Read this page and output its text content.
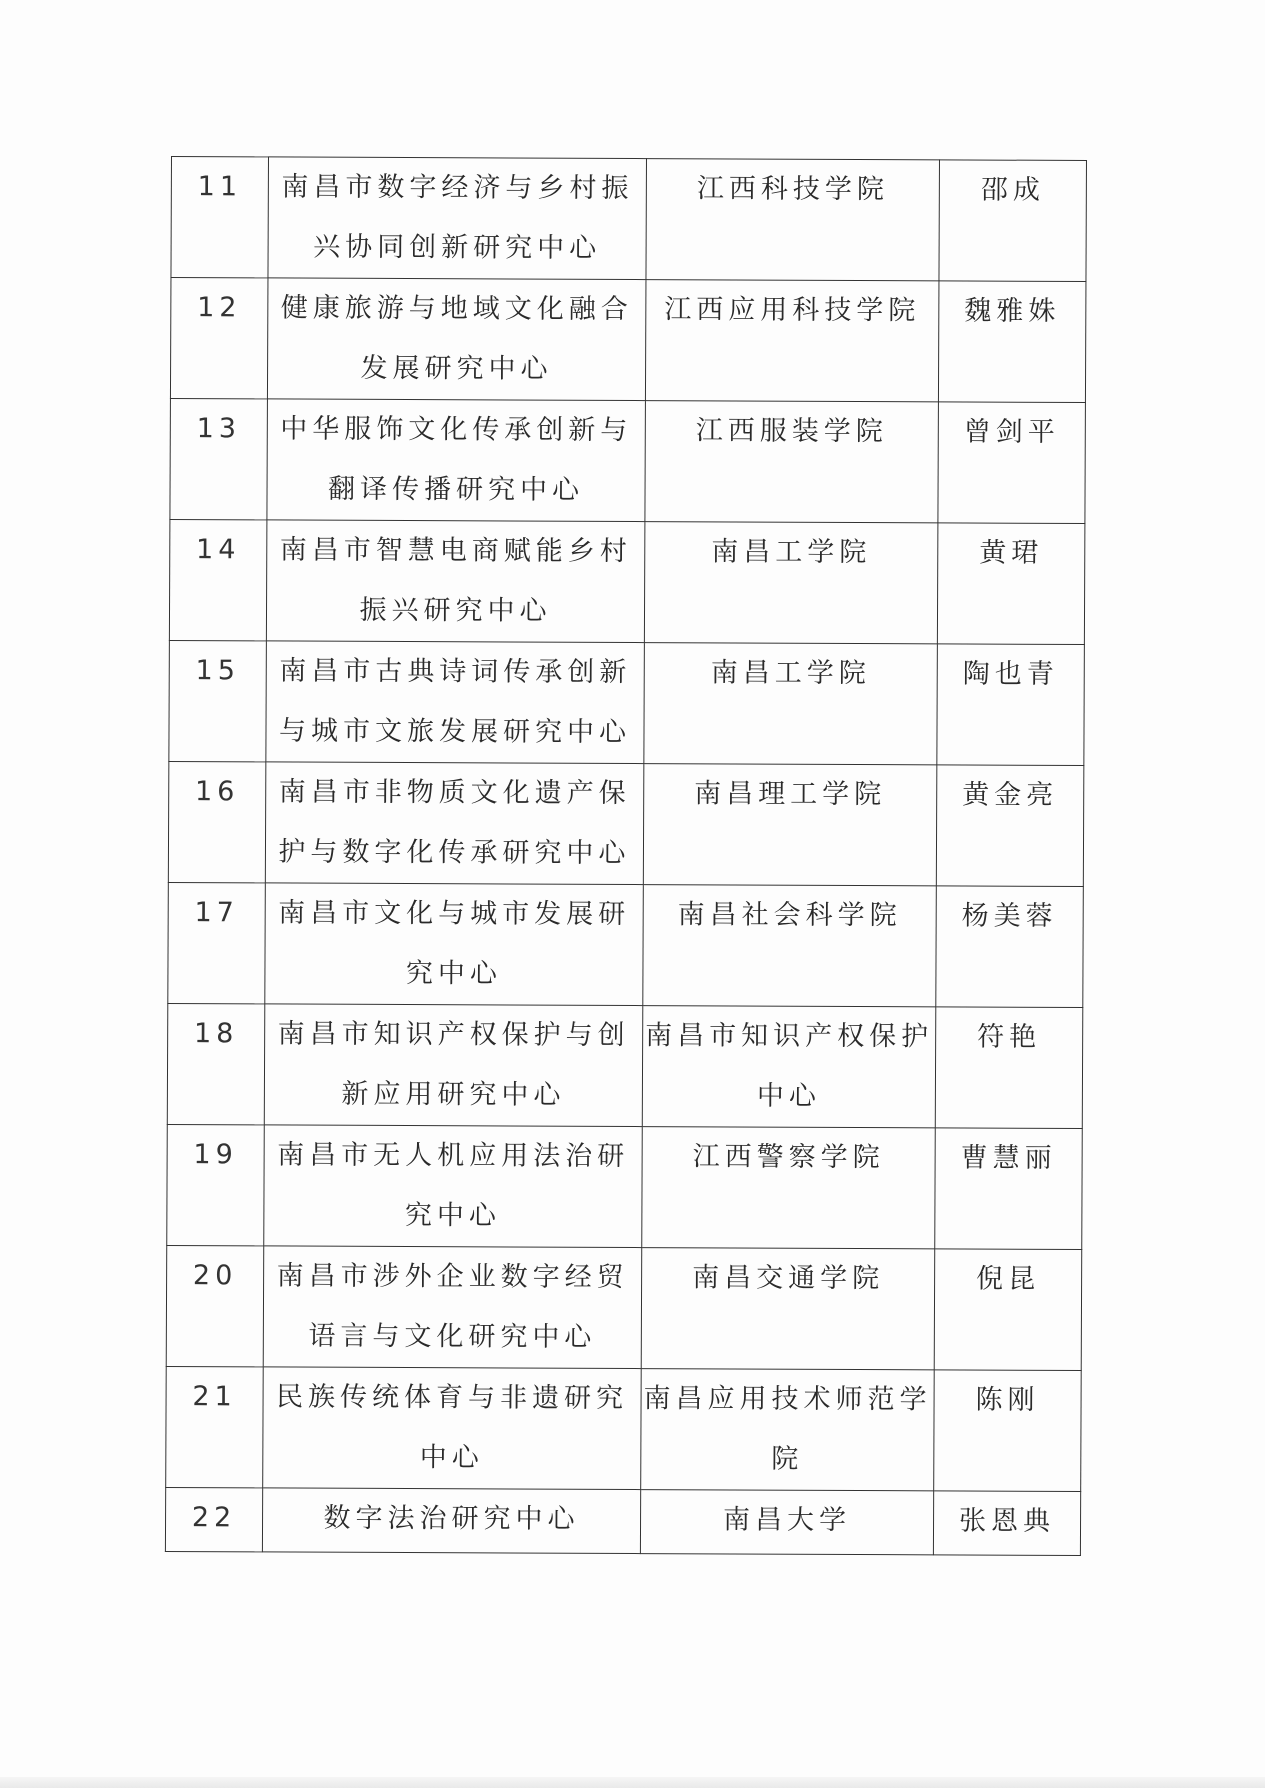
11	南昌市数字经济与乡村振兴协同创新研究中心	江西科技学院	邵成
12	健康旅游与地域文化融合发展研究中心	江西应用科技学院	魏雅姝
13	中华服饰文化传承创新与翻译传播研究中心	江西服装学院	曾剑平
14	南昌市智慧电商赋能乡村振兴研究中心	南昌工学院	黄珺
15	南昌市古典诗词传承创新与城市文旅发展研究中心	南昌工学院	陶也青
16	南昌市非物质文化遗产保护与数字化传承研究中心	南昌理工学院	黄金亮
17	南昌市文化与城市发展研究中心	南昌社会科学院	杨美蓉
18	南昌市知识产权保护与创新应用研究中心	南昌市知识产权保护中心	符艳
19	南昌市无人机应用法治研究中心	江西警察学院	曹慧丽
20	南昌市涉外企业数字经贸语言与文化研究中心	南昌交通学院	倪昆
21	民族传统体育与非遗研究中心	南昌应用技术师范学院	陈刚
22	数字法治研究中心	南昌大学	张恩典
